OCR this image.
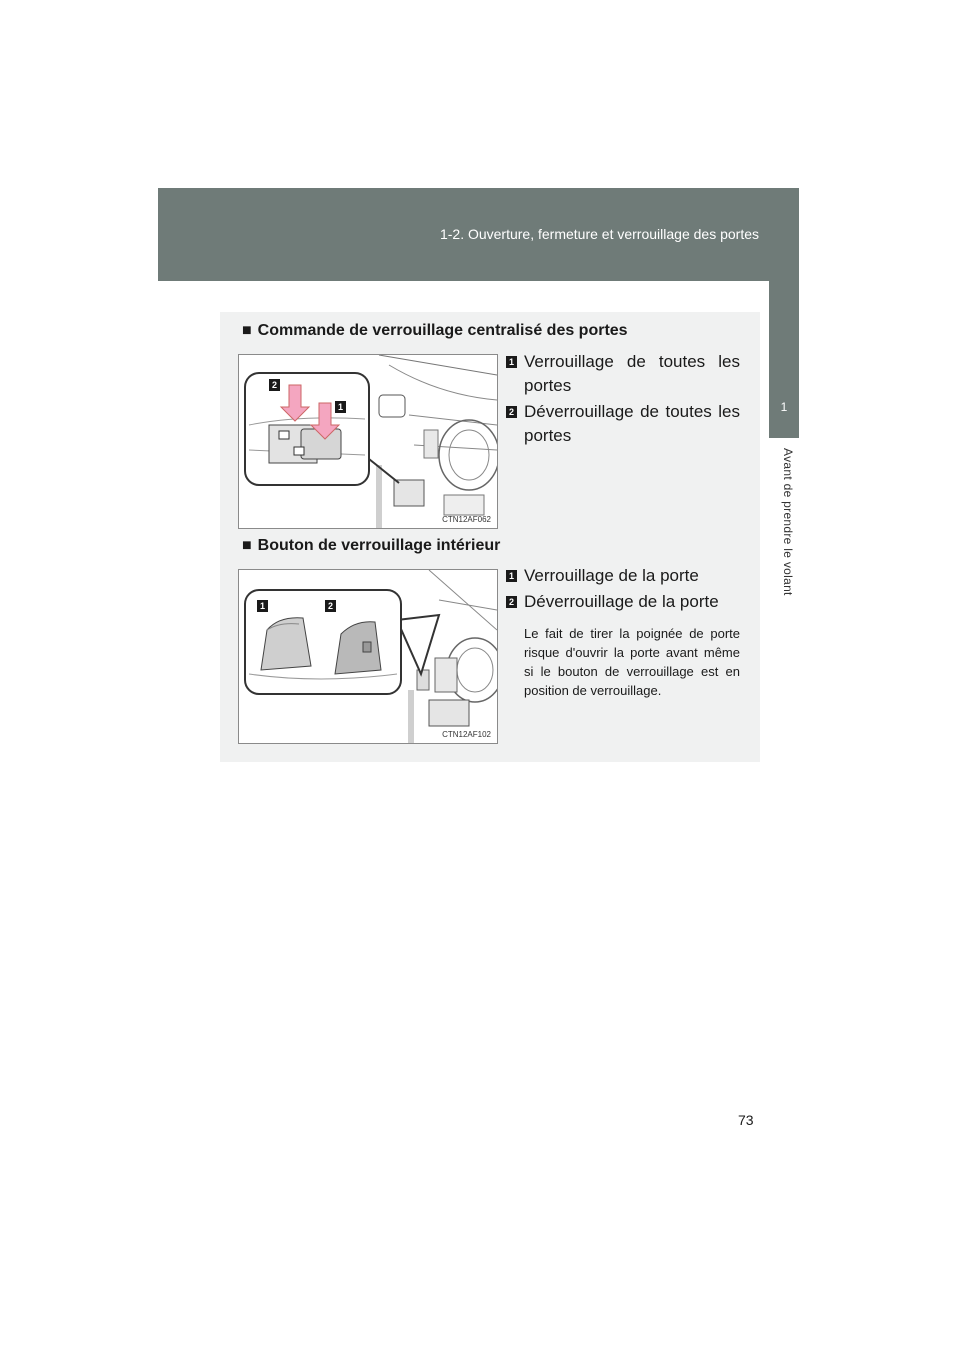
1-2. Ouverture, fermeture et verrouillage des portes
1
Avant de prendre le volant
■ Commande de verrouillage centralisé des portes
2
1
CTN12AF062
1 Verrouillage de toutes les portes
2 Déverrouillage de toutes les portes
■ Bouton de verrouillage intérieur
1	2
CTN12AF102
1 Verrouillage de la porte
2 Déverrouillage de la porte
Le fait de tirer la poignée de porte risque d'ouvrir la porte avant même si le bouton de verrouillage est en position de verrouillage.
73
